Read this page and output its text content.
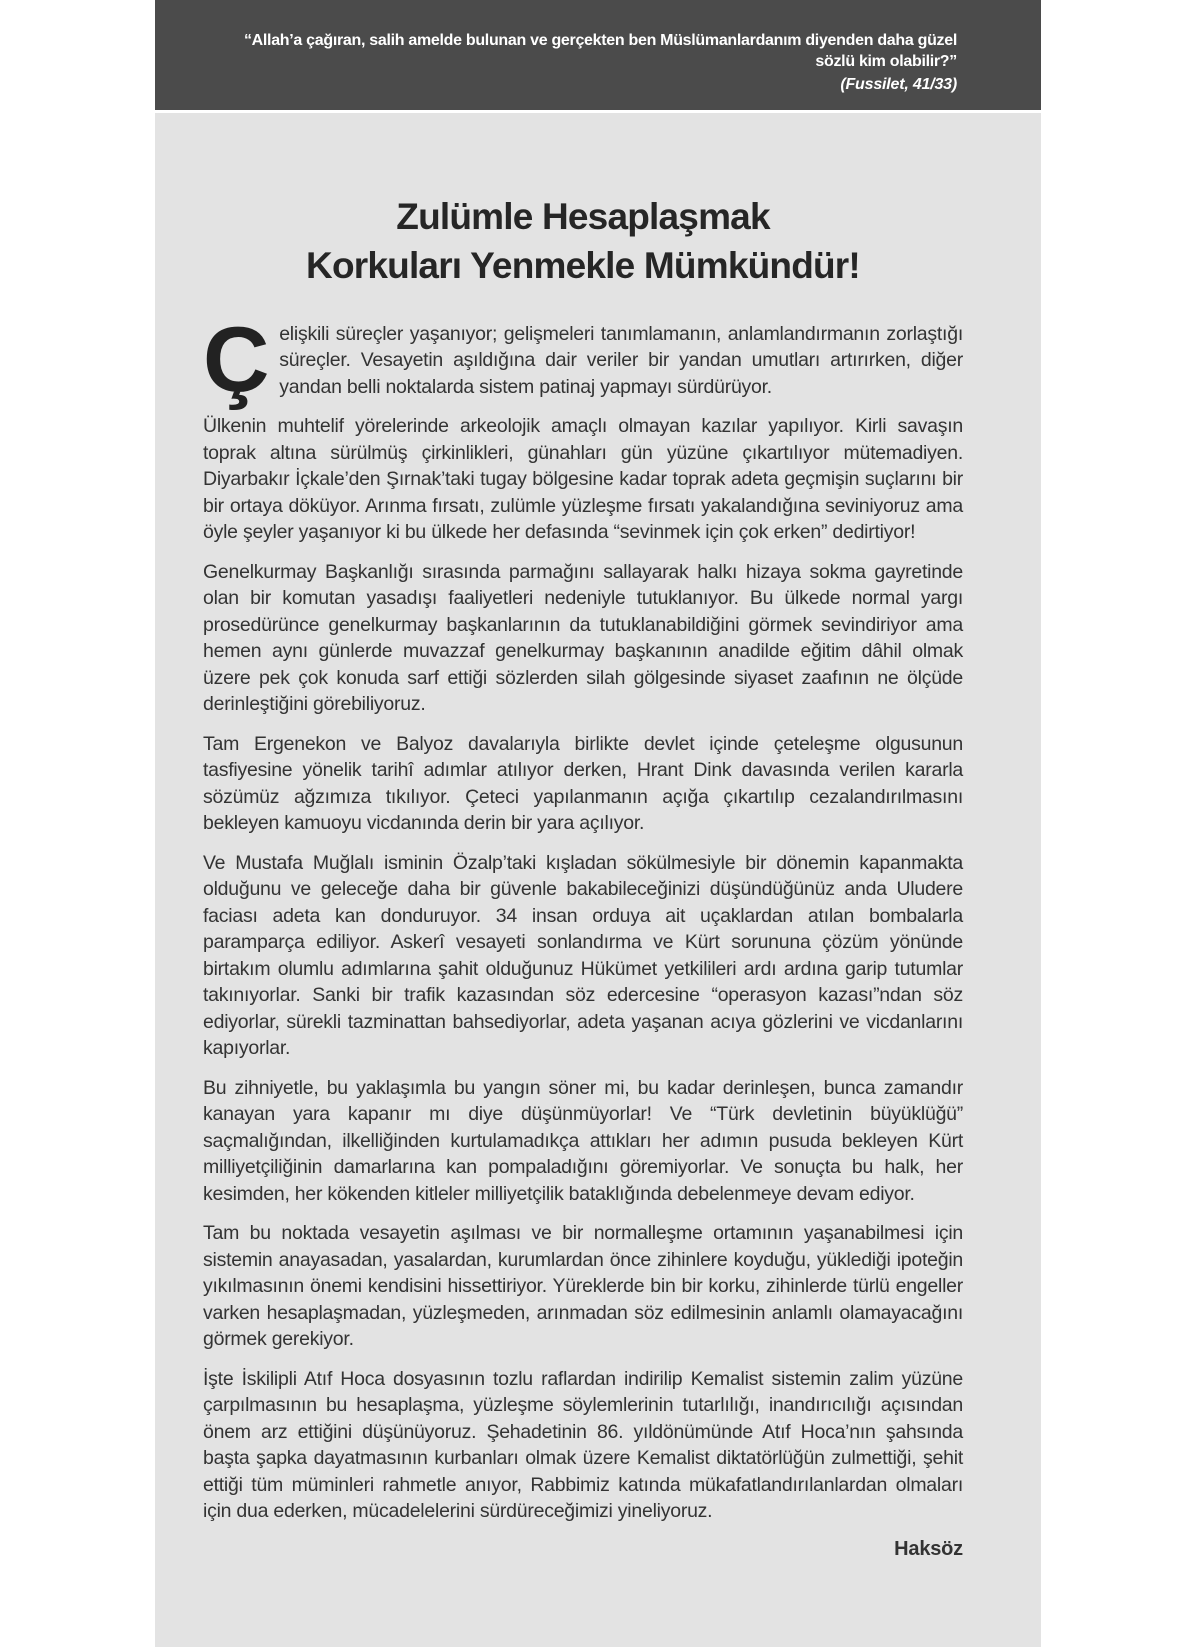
“Allah’a çağıran, salih amelde bulunan ve gerçekten ben Müslümanlardanım diyenden daha güzel sözlü kim olabilir?”
(Fussilet, 41/33)
Zulümle Hesaplaşmak
Korkuları Yenmekle Mümkündür!

Çelişkili süreçler yaşanıyor; gelişmeleri tanımlamanın, anlamlandırmanın zorlaştığı süreçler. Vesayetin aşıldığına dair veriler bir yandan umutları artırırken, diğer yandan belli noktalarda sistem patinaj yapmayı sürdürüyor.

Ülkenin muhtelif yörelerinde arkeolojik amaçlı olmayan kazılar yapılıyor. Kirli savaşın toprak altına sürülmüş çirkinlikleri, günahları gün yüzüne çıkartılıyor mütemadiyen. Diyarbakır İçkale’den Şırnak’taki tugay bölgesine kadar toprak adeta geçmişin suçlarını bir bir ortaya döküyor. Arınma fırsatı, zulümle yüzleşme fırsatı yakalandığına seviniyoruz ama öyle şeyler yaşanıyor ki bu ülkede her defasında “sevinmek için çok erken” dedirtiyor!

Genelkurmay Başkanlığı sırasında parmağını sallayarak halkı hizaya sokma gayretinde olan bir komutan yasadışı faaliyetleri nedeniyle tutuklanıyor. Bu ülkede normal yargı prosedürünce genelkurmay başkanlarının da tutuklanabildiğini görmek sevindiriyor ama hemen aynı günlerde muvazzaf genelkurmay başkanının anadilde eğitim dâhil olmak üzere pek çok konuda sarf ettiği sözlerden silah gölgesinde siyaset zaafının ne ölçüde derinleştiğini görebiliyoruz.

Tam Ergenekon ve Balyoz davalarıyla birlikte devlet içinde çeteleşme olgusunun tasfiyesine yönelik tarihî adımlar atılıyor derken, Hrant Dink davasında verilen kararla sözümüz ağzımıza tıkılıyor. Çeteci yapılanmanın açığa çıkartılıp cezalandırılmasını bekleyen kamuoyu vicdanında derin bir yara açılıyor.

Ve Mustafa Muğlalı isminin Özalp’taki kışladan sökülmesiyle bir dönemin kapanmakta olduğunu ve geleceğe daha bir güvenle bakabileceğinizi düşündüğünüz anda Uludere faciası adeta kan donduruyor. 34 insan orduya ait uçaklardan atılan bombalarla paramparça ediliyor. Askerî vesayeti sonlandırma ve Kürt sorununa çözüm yönünde birtakım olumlu adımlarına şahit olduğunuz Hükümet yetkilileri ardı ardına garip tutumlar takınıyorlar. Sanki bir trafik kazasından söz edercesine “operasyon kazası”ndan söz ediyorlar, sürekli tazminattan bahsediyorlar, adeta yaşanan acıya gözlerini ve vicdanlarını kapıyorlar.

Bu zihniyetle, bu yaklaşımla bu yangın söner mi, bu kadar derinleşen, bunca zamandır kanayan yara kapanır mı diye düşünmüyorlar! Ve “Türk devletinin büyüklüğü” saçmalığından, ilkelliğinden kurtulamadıkça attıkları her adımın pusuda bekleyen Kürt milliyetçiliğinin damarlarına kan pompaladığını göremiyorlar. Ve sonuçta bu halk, her kesimden, her kökenden kitleler milliyetçilik bataklığında debelenmeye devam ediyor.

Tam bu noktada vesayetin aşılması ve bir normalleşme ortamının yaşanabilmesi için sistemin anayasadan, yasalardan, kurumlardan önce zihinlere koyduğu, yüklediği ipoteğin yıkılmasının önemi kendisini hissettiriyor. Yüreklerde bin bir korku, zihinlerde türlü engeller varken hesaplaşmadan, yüzleşmeden, arınmadan söz edilmesinin anlamlı olamayacağını görmek gerekiyor.

İşte İskilipli Atıf Hoca dosyasının tozlu raflardan indirilip Kemalist sistemin zalim yüzüne çarpılmasının bu hesaplaşma, yüzleşme söylemlerinin tutarlılığı, inandırıcılığı açısından önem arz ettiğini düşünüyoruz. Şehadetinin 86. yıldönümünde Atıf Hoca’nın şahsında başta şapka dayatmasının kurbanları olmak üzere Kemalist diktatörlüğün zulmettiği, şehit ettiği tüm müminleri rahmetle anıyor, Rabbimiz katında mükafatlandırılanlardan olmaları için dua ederken, mücadelelerini sürdüreceğimizi yineliyoruz.

Haksöz
